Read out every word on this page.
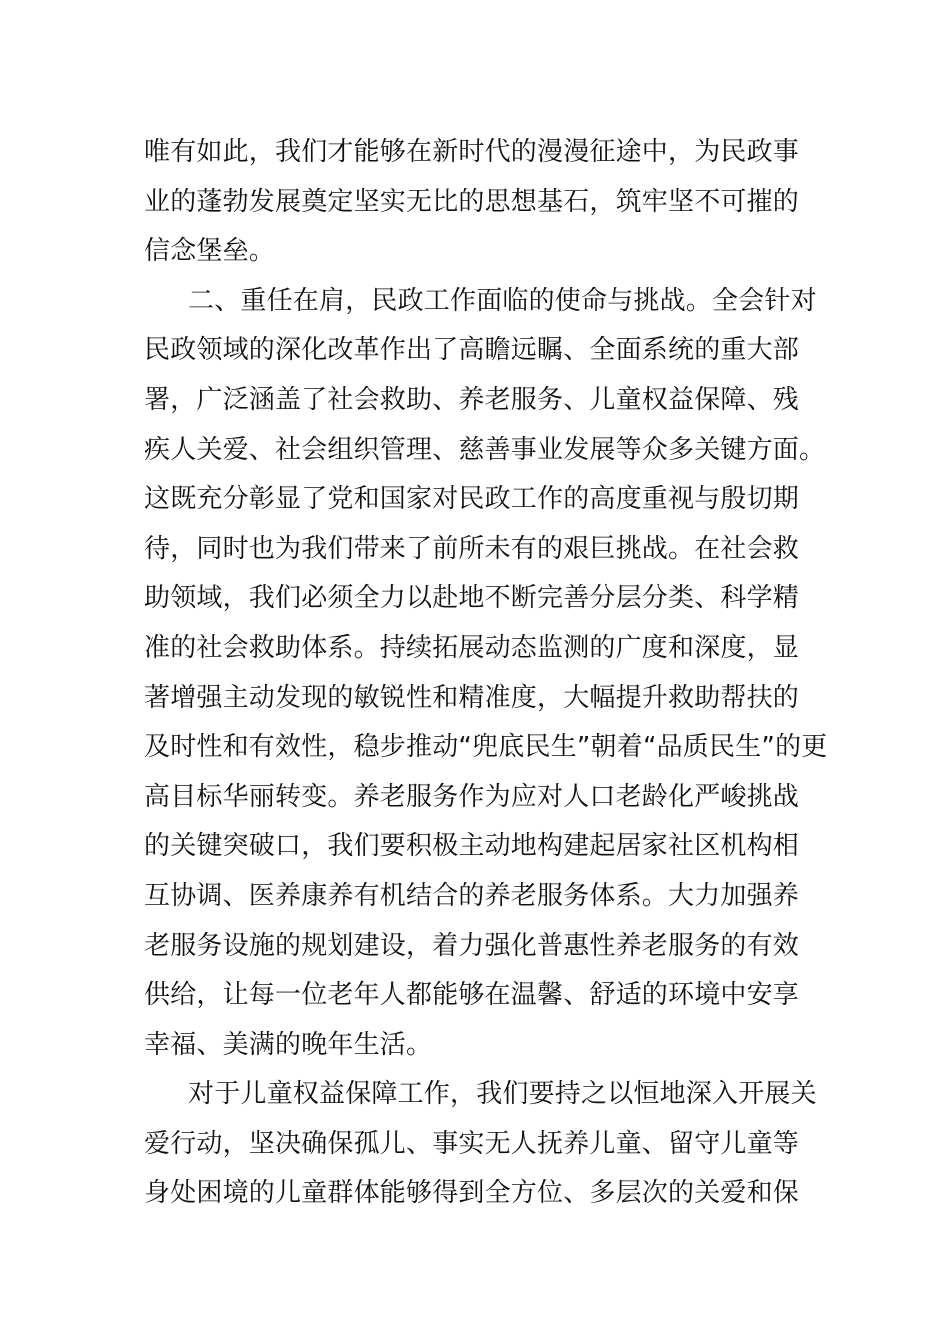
唯有如此，我们才能够在新时代的漫漫征途中，为民政事
业的蓬勃发展奠定坚实无比的思想基石，筑牢坚不可摧的
信念堡垒。
二、重任在肩，民政工作面临的使命与挑战。全会针对
民政领域的深化改革作出了高瞻远瞩、全面系统的重大部
署，广泛涵盖了社会救助、养老服务、儿童权益保障、残
疾人关爱、社会组织管理、慈善事业发展等众多关键方面。
这既充分彰显了党和国家对民政工作的高度重视与殷切期
待，同时也为我们带来了前所未有的艰巨挑战。在社会救
助领域，我们必须全力以赴地不断完善分层分类、科学精
准的社会救助体系。持续拓展动态监测的广度和深度，显
著增强主动发现的敏锐性和精准度，大幅提升救助帮扶的
及时性和有效性，稳步推动“兜底民生”朝着“品质民生”的更
高目标华丽转变。养老服务作为应对人口老龄化严峻挑战
的关键突破口，我们要积极主动地构建起居家社区机构相
互协调、医养康养有机结合的养老服务体系。大力加强养
老服务设施的规划建设，着力强化普惠性养老服务的有效
供给，让每一位老年人都能够在温馨、舒适的环境中安享
幸福、美满的晚年生活。
对于儿童权益保障工作，我们要持之以恒地深入开展关
爱行动，坚决确保孤儿、事实无人抚养儿童、留守儿童等
身处困境的儿童群体能够得到全方位、多层次的关爱和保
